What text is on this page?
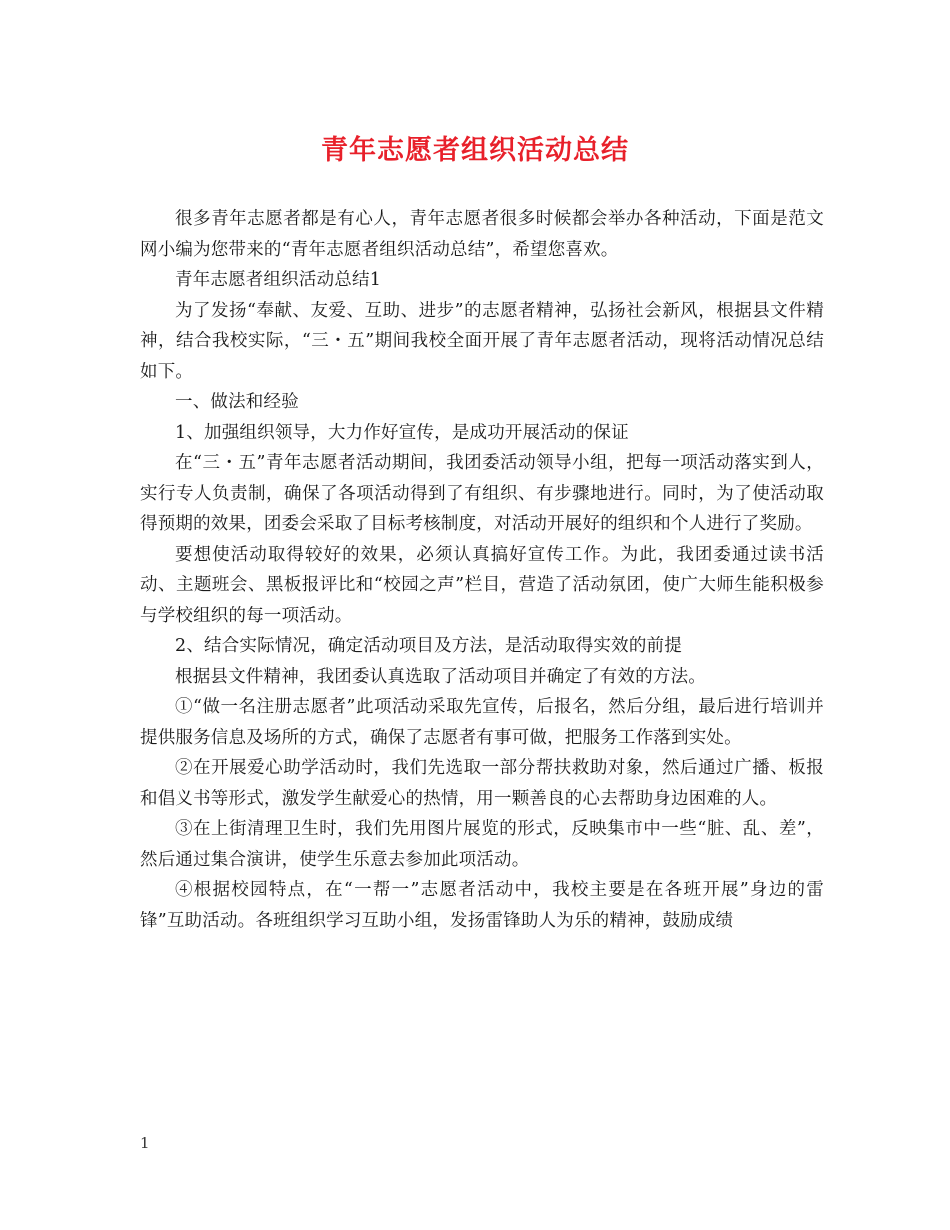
青年志愿者组织活动总结

很多青年志愿者都是有心人，青年志愿者很多时候都会举办各种活动，下面是范文网小编为您带来的“青年志愿者组织活动总结”，希望您喜欢。

青年志愿者组织活动总结1

为了发扬“奉献、友爱、互助、进步”的志愿者精神，弘扬社会新风，根据县文件精神，结合我校实际，“三・五”期间我校全面开展了青年志愿者活动，现将活动情况总结如下。

一、做法和经验

1、加强组织领导，大力作好宣传，是成功开展活动的保证

在“三・五”青年志愿者活动期间，我团委活动领导小组，把每一项活动落实到人，实行专人负责制，确保了各项活动得到了有组织、有步骤地进行。同时，为了使活动取得预期的效果，团委会采取了目标考核制度，对活动开展好的组织和个人进行了奖励。

要想使活动取得较好的效果，必须认真搞好宣传工作。为此，我团委通过读书活动、主题班会、黑板报评比和“校园之声”栏目，营造了活动氛团，使广大师生能积极参与学校组织的每一项活动。

2、结合实际情况，确定活动项目及方法，是活动取得实效的前提

根据县文件精神，我团委认真选取了活动项目并确定了有效的方法。

①“做一名注册志愿者”此项活动采取先宣传，后报名，然后分组，最后进行培训并提供服务信息及场所的方式，确保了志愿者有事可做，把服务工作落到实处。

②在开展爱心助学活动时，我们先选取一部分帮扶救助对象，然后通过广播、板报和倡义书等形式，激发学生献爱心的热情，用一颗善良的心去帮助身边困难的人。

③在上街清理卫生时，我们先用图片展览的形式，反映集市中一些“脏、乱、差”，然后通过集合演讲，使学生乐意去参加此项活动。

④根据校园特点，在“一帮一”志愿者活动中，我校主要是在各班开展”身边的雷锋”互助活动。各班组织学习互助小组，发扬雷锋助人为乐的精神，鼓励成绩

1
